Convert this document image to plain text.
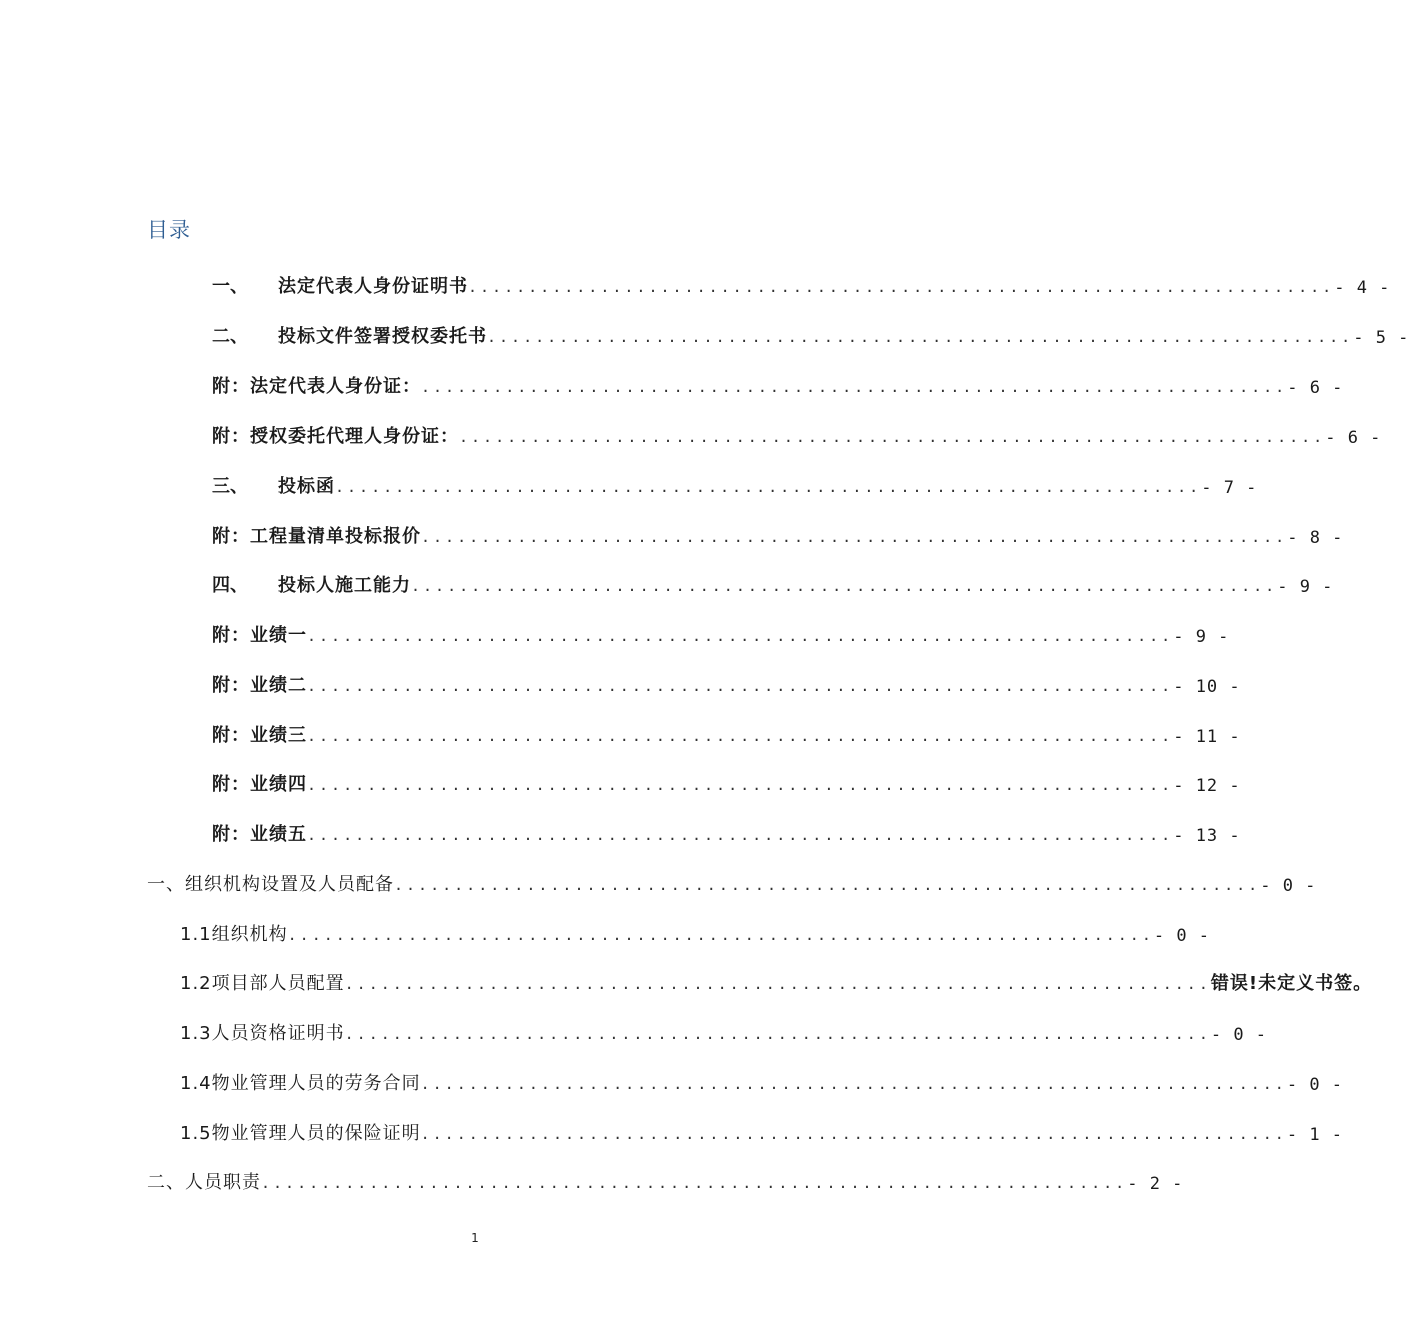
目录
一、	法定代表人身份证明书 ........................................................................ - 4 -
二、	投标文件签署授权委托书 ........................................................................ - 5 -
附：法定代表人身份证： ........................................................................ - 6 -
附：授权委托代理人身份证： ........................................................................ - 6 -
三、	投标函 ........................................................................ - 7 -
附：工程量清单投标报价 ........................................................................ - 8 -
四、	投标人施工能力 ........................................................................ - 9 -
附：业绩一 ........................................................................ - 9 -
附：业绩二 ........................................................................ - 10 -
附：业绩三 ........................................................................ - 11 -
附：业绩四 ........................................................................ - 12 -
附：业绩五 ........................................................................ - 13 -
一、组织机构设置及人员配备 ........................................................................ - 0 -
1.1组织机构 ........................................................................ - 0 -
1.2项目部人员配置 ........................................................................ 错误!未定义书签。
1.3人员资格证明书 ........................................................................ - 0 -
1.4物业管理人员的劳务合同 ........................................................................ - 0 -
1.5物业管理人员的保险证明 ........................................................................ - 1 -
二、人员职责 ........................................................................ - 2 -
1
